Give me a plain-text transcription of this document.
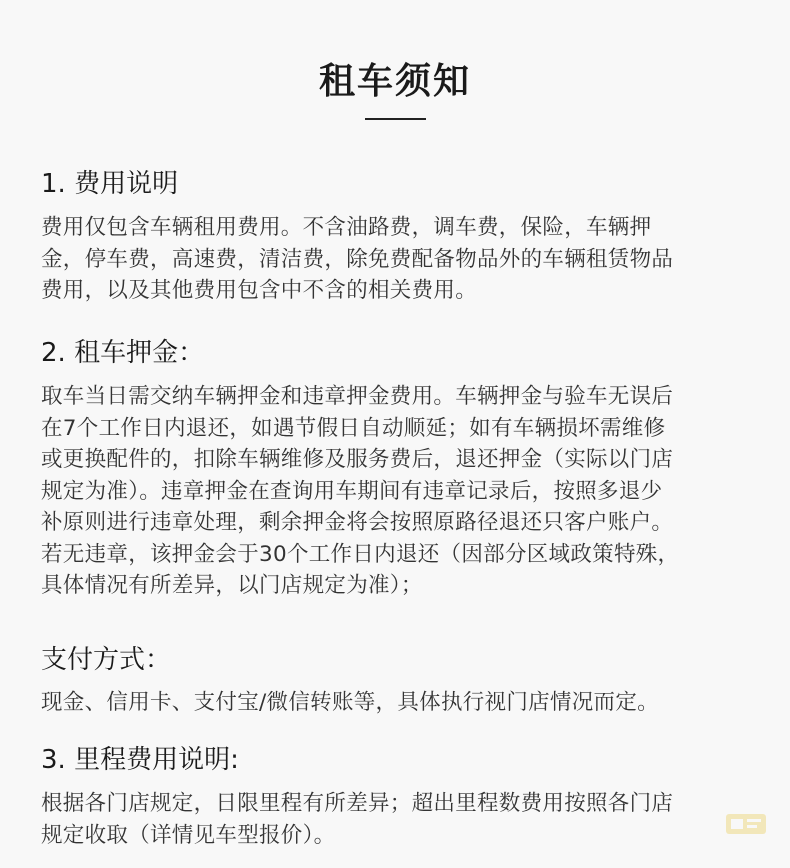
租车须知
1. 费用说明
费用仅包含车辆租用费用。不含油路费，调车费，保险，车辆押
金，停车费，高速费，清洁费，除免费配备物品外的车辆租赁物品
费用，以及其他费用包含中不含的相关费用。
2. 租车押金：
取车当日需交纳车辆押金和违章押金费用。车辆押金与验车无误后
在7个工作日内退还，如遇节假日自动顺延；如有车辆损坏需维修
或更换配件的，扣除车辆维修及服务费后，退还押金（实际以门店
规定为准）。违章押金在查询用车期间有违章记录后，按照多退少
补原则进行违章处理，剩余押金将会按照原路径退还只客户账户。
若无违章，该押金会于30个工作日内退还（因部分区域政策特殊，
具体情况有所差异，以门店规定为准）；
支付方式：
现金、信用卡、支付宝/微信转账等，具体执行视门店情况而定。
3. 里程费用说明:
根据各门店规定，日限里程有所差异；超出里程数费用按照各门店
规定收取（详情见车型报价）。
